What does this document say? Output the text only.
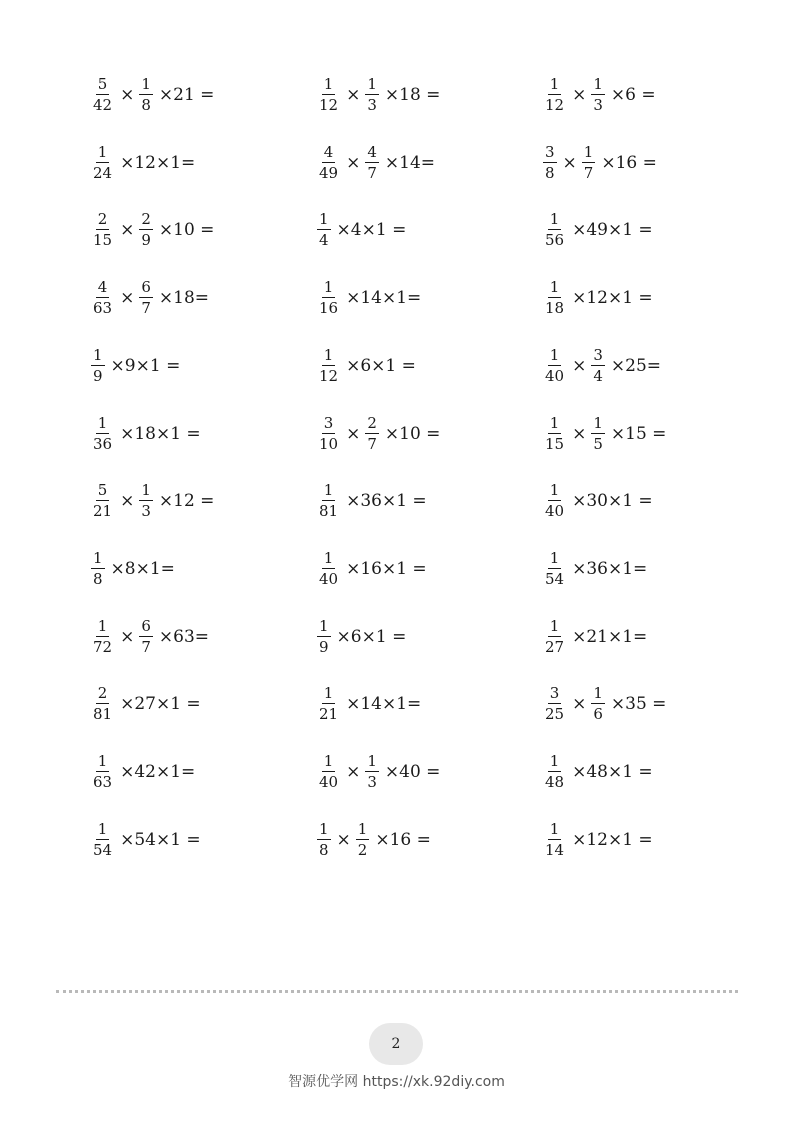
$\frac{5}{42} \times \frac{1}{8} \times 21$ =	$\frac{1}{12} \times \frac{1}{3} \times 18$ =	$\frac{1}{12} \times \frac{1}{3} \times 6$ =
$\frac{1}{24} \times 12\times 1=$	$\frac{4}{49} \times \frac{4}{7} \times 14=$	$\frac{3}{8} \times \frac{1}{7} \times 16$ =
$\frac{2}{15} \times \frac{2}{9} \times 10$ =	$\frac{1}{4} \times 4\times 1$ =	$\frac{1}{56} \times 49\times 1$ =
$\frac{4}{63} \times \frac{6}{7} \times 18=$	$\frac{1}{16} \times 14\times 1=$	$\frac{1}{18} \times 12\times 1$ =
$\frac{1}{9} \times 9\times 1$ =	$\frac{1}{12} \times 6\times 1$ =	$\frac{1}{40} \times \frac{3}{4} \times 25=$
$\frac{1}{36} \times 18\times 1$ =	$\frac{3}{10} \times \frac{2}{7} \times 10$ =	$\frac{1}{15} \times \frac{1}{5} \times 15$ =
$\frac{5}{21} \times \frac{1}{3} \times 12$ =	$\frac{1}{81} \times 36\times 1$ =	$\frac{1}{40} \times 30\times 1$ =
$\frac{1}{8} \times 8\times 1=$	$\frac{1}{40} \times 16\times 1$ =	$\frac{1}{54} \times 36\times 1=$
$\frac{1}{72} \times \frac{6}{7} \times 63=$	$\frac{1}{9} \times 6\times 1$ =	$\frac{1}{27} \times 21\times 1=$
$\frac{2}{81} \times 27\times 1$ =	$\frac{1}{21} \times 14\times 1=$	$\frac{3}{25} \times \frac{1}{6} \times 35$ =
$\frac{1}{63} \times 42\times 1=$	$\frac{1}{40} \times \frac{1}{3} \times 40$ =	$\frac{1}{48} \times 48\times 1$ =
$\frac{1}{54} \times 54\times 1$ =	$\frac{1}{8} \times \frac{1}{2} \times 16$ =	$\frac{1}{14} \times 12\times 1$ =
2
智源优学网 https://xk.92diy.com
